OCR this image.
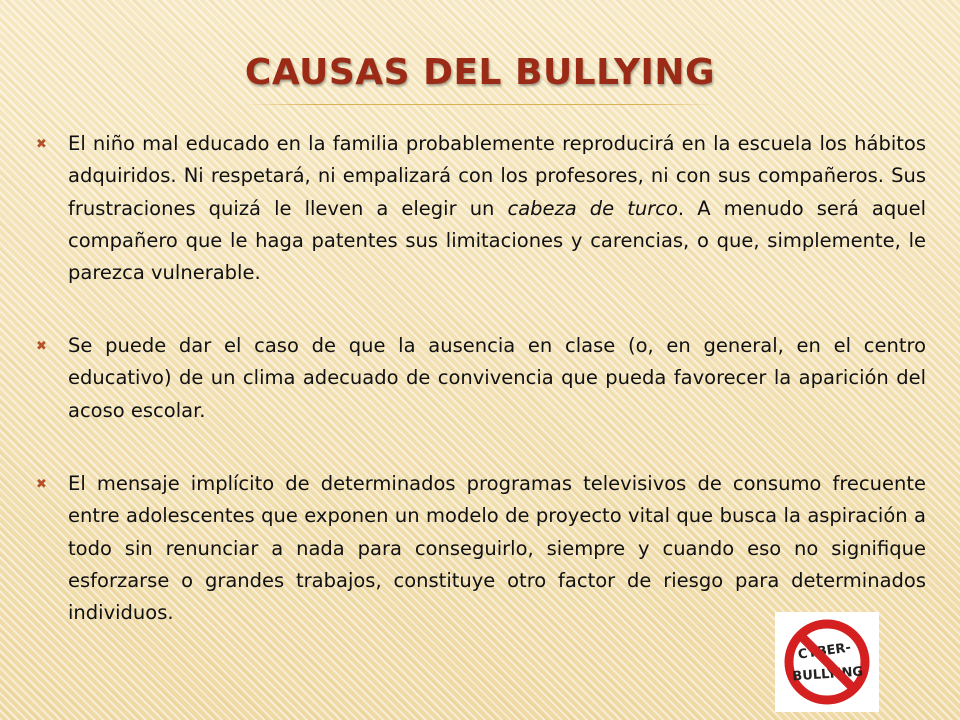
CAUSAS DEL BULLYING
✖	El niño mal educado en la familia probablemente reproducirá en la escuela los hábitos adquiridos. Ni respetará, ni empalizará con los profesores, ni con sus compañeros. Sus frustraciones quizá le lleven a elegir un cabeza de turco. A menudo será aquel compañero que le haga patentes sus limitaciones y carencias, o que, simplemente, le parezca vulnerable.

✖	Se puede dar el caso de que la ausencia en clase (o, en general, en el centro educativo) de un clima adecuado de convivencia que pueda favorecer la aparición del acoso escolar.

✖	El mensaje implícito de determinados programas televisivos de consumo frecuente entre adolescentes que exponen un modelo de proyecto vital que busca la aspiración a todo sin renunciar a nada para conseguirlo, siempre y cuando eso no signifique esforzarse o grandes trabajos, constituye otro factor de riesgo para determinados individuos.

CYBER-
BULLYING
